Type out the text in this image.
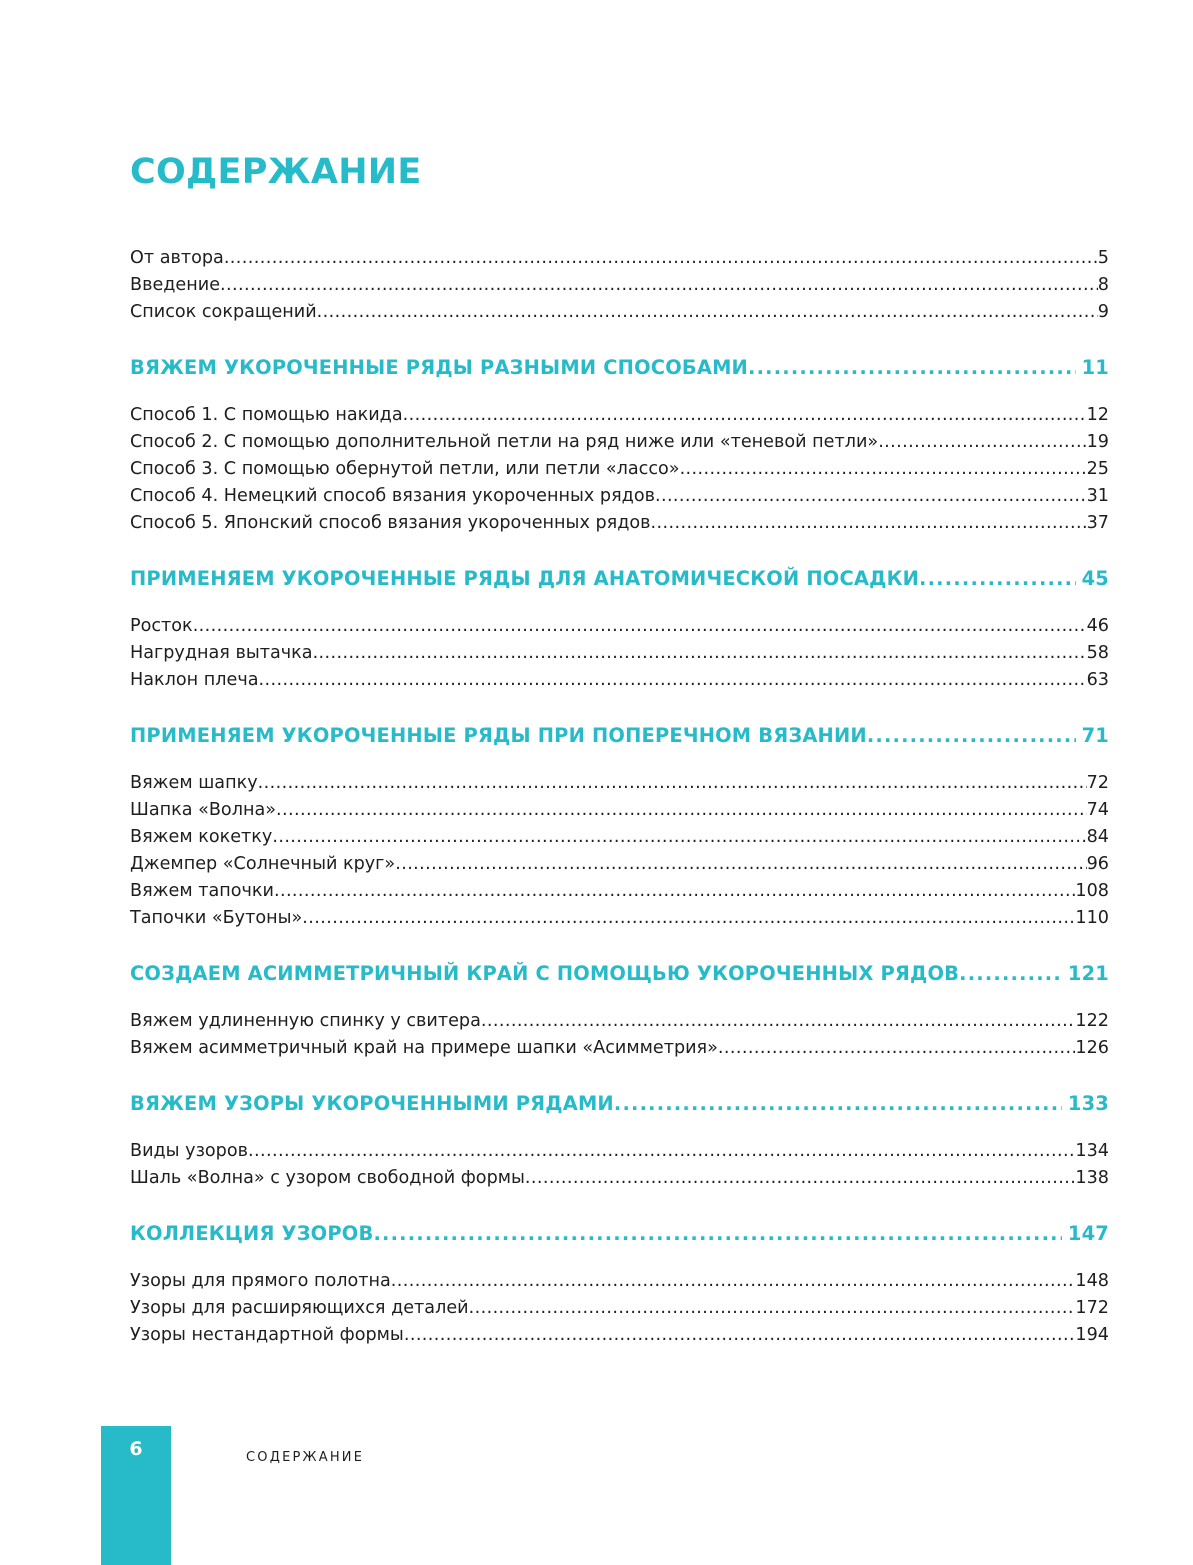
СОДЕРЖАНИЕ
От автора .....	5
Введение .....	8
Список сокращений .....	9
ВЯЖЕМ УКОРОЧЕННЫЕ РЯДЫ РАЗНЫМИ СПОСОБАМИ .....	11
Способ 1. С помощью накида .....	12
Способ 2. С помощью дополнительной петли на ряд ниже или «теневой петли» .....	19
Способ 3. С помощью обернутой петли, или петли «лассо» .....	25
Способ 4. Немецкий способ вязания укороченных рядов .....	31
Способ 5. Японский способ вязания укороченных рядов .....	37
ПРИМЕНЯЕМ УКОРОЧЕННЫЕ РЯДЫ ДЛЯ АНАТОМИЧЕСКОЙ ПОСАДКИ .....	45
Росток .....	46
Нагрудная вытачка .....	58
Наклон плеча .....	63
ПРИМЕНЯЕМ УКОРОЧЕННЫЕ РЯДЫ ПРИ ПОПЕРЕЧНОМ ВЯЗАНИИ .....	71
Вяжем шапку .....	72
Шапка «Волна» .....	74
Вяжем кокетку .....	84
Джемпер «Солнечный круг» .....	96
Вяжем тапочки .....	108
Тапочки «Бутоны» .....	110
СОЗДАЕМ АСИММЕТРИЧНЫЙ КРАЙ С ПОМОЩЬЮ УКОРОЧЕННЫХ РЯДОВ .....	121
Вяжем удлиненную спинку у свитера .....	122
Вяжем асимметричный край на примере шапки «Асимметрия» .....	126
ВЯЖЕМ УЗОРЫ УКОРОЧЕННЫМИ РЯДАМИ .....	133
Виды узоров .....	134
Шаль «Волна» с узором свободной формы .....	138
КОЛЛЕКЦИЯ УЗОРОВ .....	147
Узоры для прямого полотна .....	148
Узоры для расширяющихся деталей .....	172
Узоры нестандартной формы .....	194
6	СОДЕРЖАНИЕ
